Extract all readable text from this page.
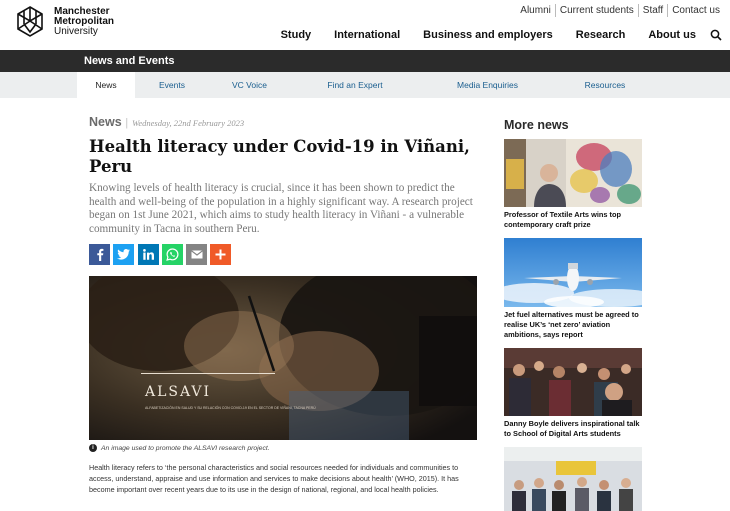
Manchester
Metropolitan
University
Alumni Current students Staff Contact us
Study International Business and employers Research About us
News and Events
News	Events	VC Voice	Find an Expert	Media Enquiries	Resources
News | Wednesday, 22nd February 2023
Health literacy under Covid-19 in Viñani, Peru

Knowing levels of health literacy is crucial, since it has been shown to predict the health and well-being of the population in a highly significant way. A research project began on 1st June 2021, which aims to study health literacy in Viñani - a vulnerable community in Tacna in southern Peru.

ALSAVI
ALFABETIZACIÓN EN SALUD Y SU RELACIÓN CON COVID-19 EN EL SECTOR DE VIÑANI, TACNA PERÚ
i	An image used to promote the ALSAVI research project.

Health literacy refers to ‘the personal characteristics and social resources needed for individuals and communities to access, understand, appraise and use information and services to make decisions about health’ (WHO, 2015). It has become important over recent years due to its use in the design of national, regional, and local health policies.

More news
Professor of Textile Arts wins top contemporary craft prize
Jet fuel alternatives must be agreed to realise UK’s ‘net zero’ aviation ambitions, says report
Danny Boyle delivers inspirational talk to School of Digital Arts students
